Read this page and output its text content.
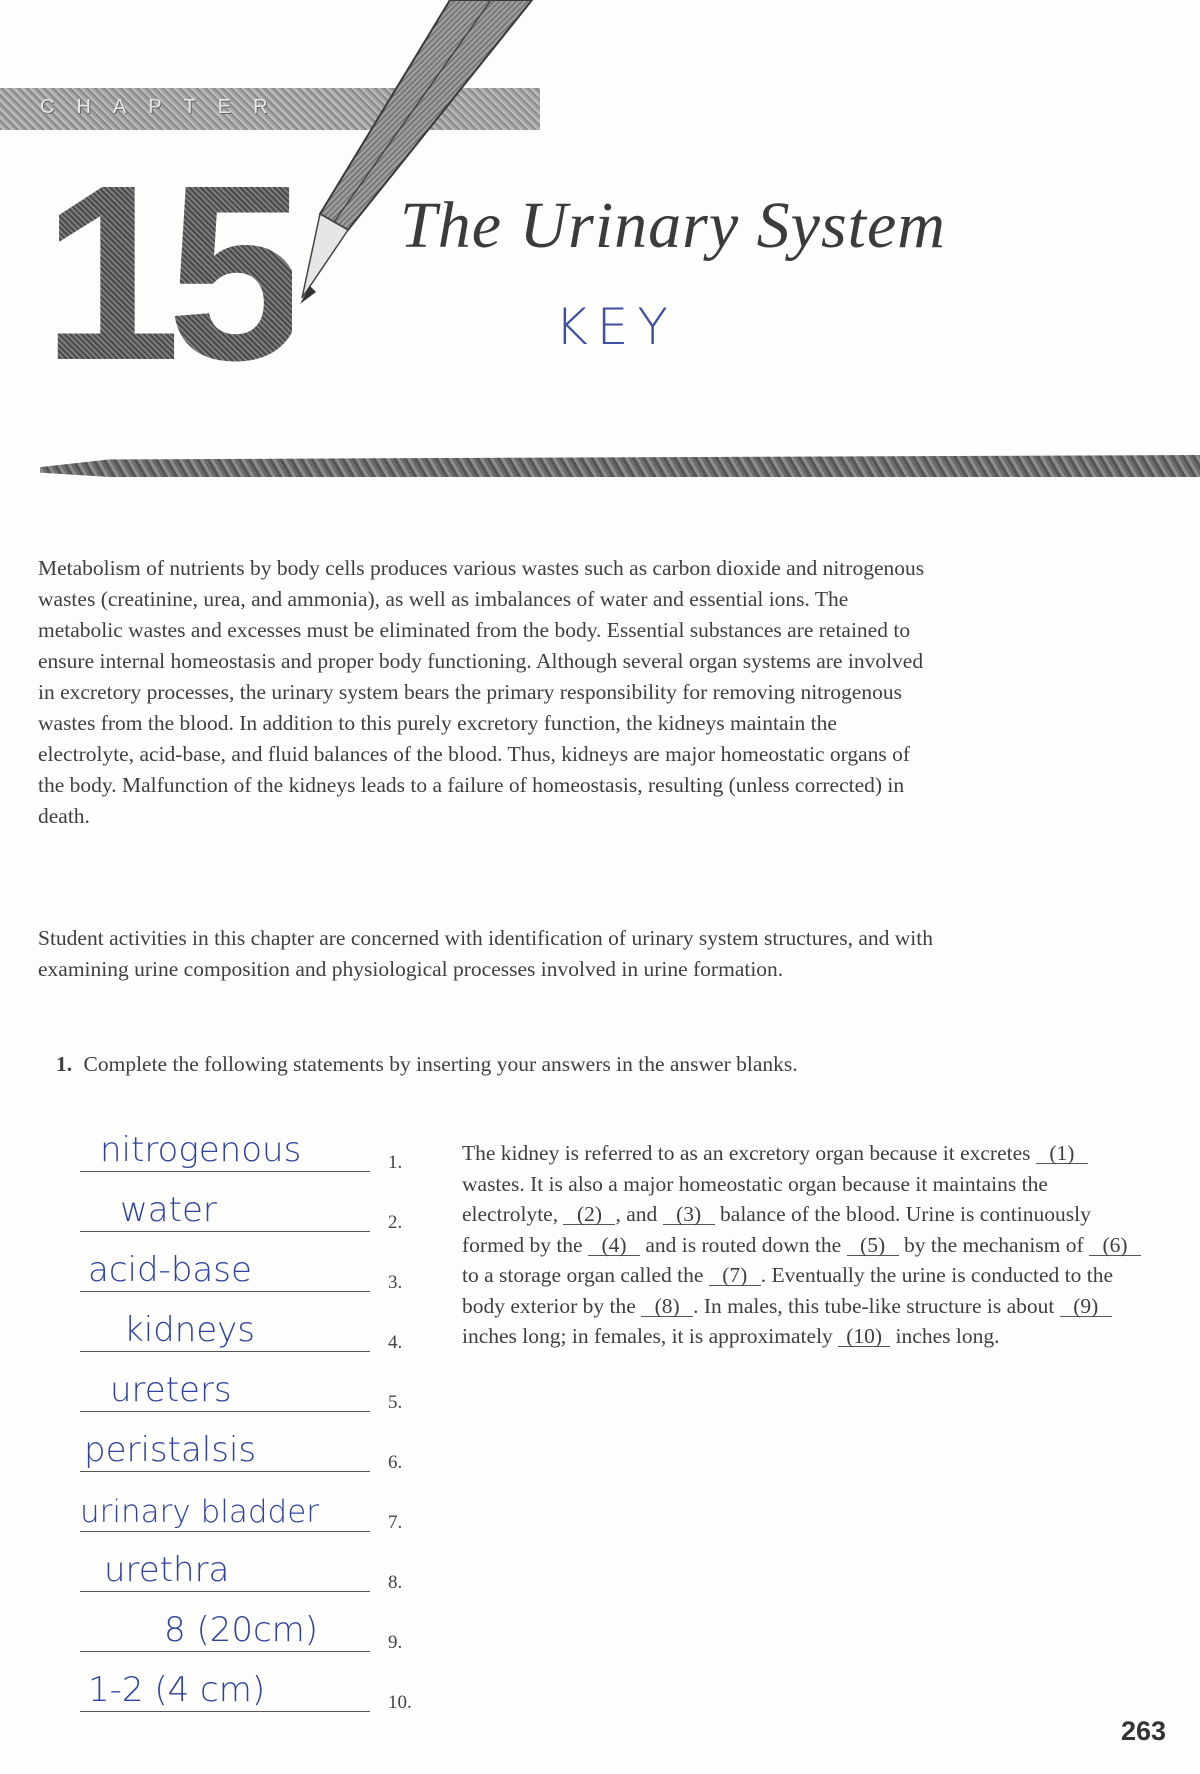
CHAPTER
15 The Urinary System
KEY
Metabolism of nutrients by body cells produces various wastes such as carbon dioxide and nitrogenous wastes (creatinine, urea, and ammonia), as well as imbalances of water and essential ions. The metabolic wastes and excesses must be eliminated from the body. Essential substances are retained to ensure internal homeostasis and proper body functioning. Although several organ systems are involved in excretory processes, the urinary system bears the primary responsibility for removing nitrogenous wastes from the blood. In addition to this purely excretory function, the kidneys maintain the electrolyte, acid-base, and fluid balances of the blood. Thus, kidneys are major homeostatic organs of the body. Malfunction of the kidneys leads to a failure of homeostasis, resulting (unless corrected) in death.
Student activities in this chapter are concerned with identification of urinary system structures, and with examining urine composition and physiological processes involved in urine formation.
1. Complete the following statements by inserting your answers in the answer blanks.
nitrogenous	1.
water	2.
acid-base	3.
kidneys	4.
ureters	5.
peristalsis	6.
urinary bladder	7.
urethra	8.
8 (20cm)	9.
1-2 (4 cm)	10.
The kidney is referred to as an excretory organ because it excretes (1) wastes. It is also a major homeostatic organ because it maintains the electrolyte, (2) , and (3) balance of the blood. Urine is continuously formed by the (4) and is routed down the (5) by the mechanism of (6) to a storage organ called the (7) . Eventually the urine is conducted to the body exterior by the (8) . In males, this tube-like structure is about (9) inches long; in females, it is approximately (10) inches long.
263
